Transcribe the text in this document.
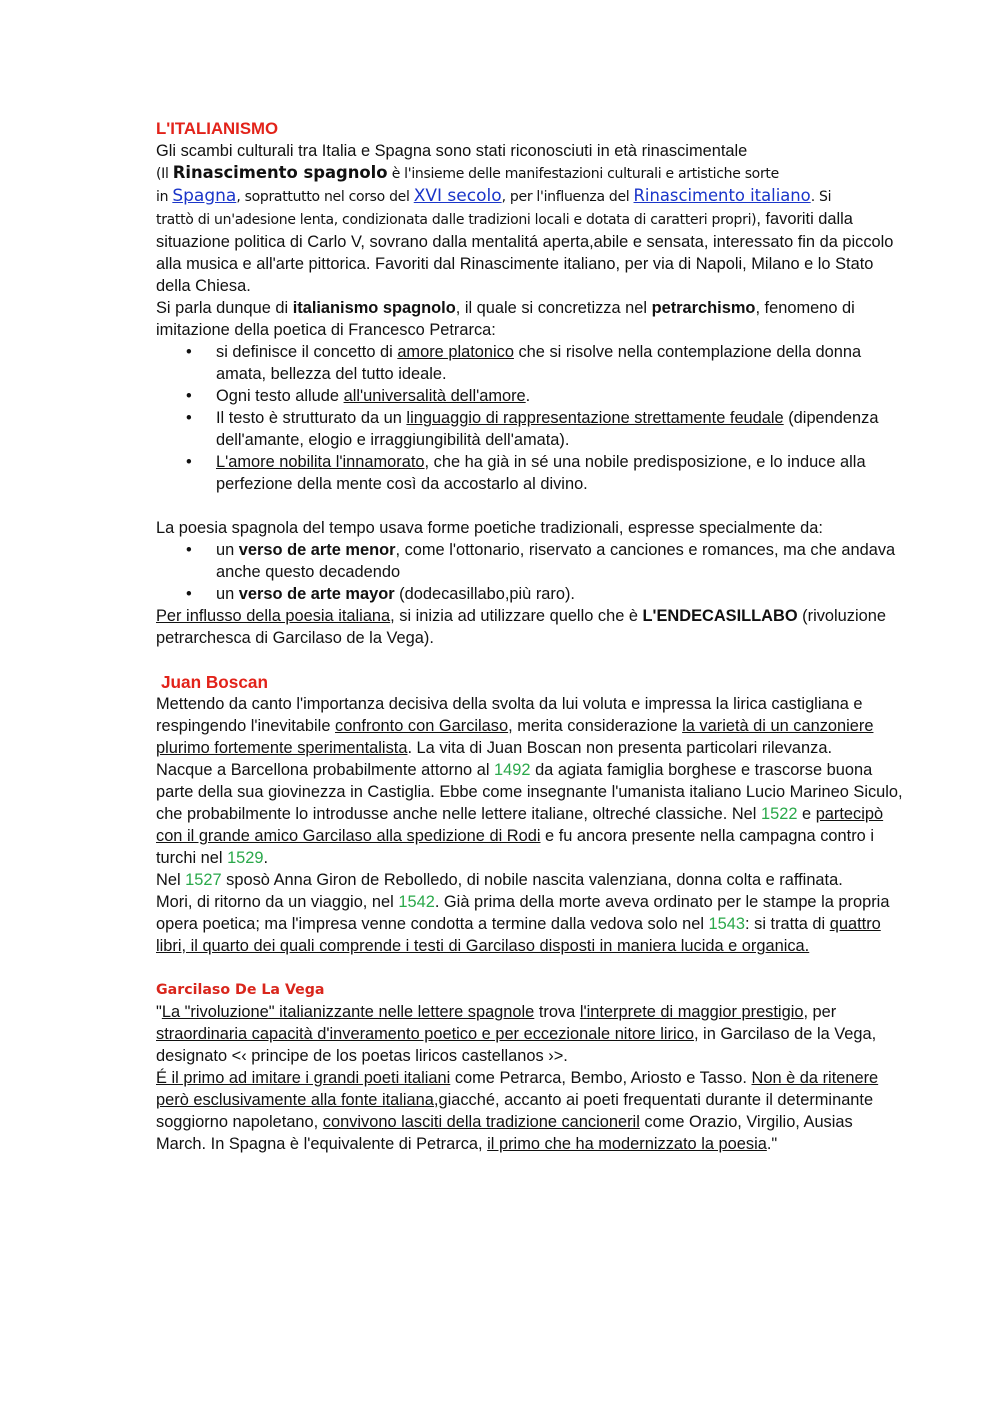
L'ITALIANISMO

Gli scambi culturali tra Italia e Spagna sono stati riconosciuti in età rinascimentale

(Il Rinascimento spagnolo è l'insieme delle manifestazioni culturali e artistiche sorte
in Spagna, soprattutto nel corso del XVI secolo, per l'influenza del Rinascimento italiano. Si
trattò di un'adesione lenta, condizionata dalle tradizioni locali e dotata di caratteri propri), favoriti dalla situazione politica di Carlo V, sovrano dalla mentalitá aperta,abile e sensata, interessato fin da piccolo alla musica e all'arte pittorica. Favoriti dal Rinascimente italiano, per via di Napoli, Milano e lo Stato della Chiesa.

Si parla dunque di italianismo spagnolo, il quale si concretizza nel petrarchismo, fenomeno di imitazione della poetica di Francesco Petrarca:

• si definisce il concetto di amore platonico che si risolve nella contemplazione della donna amata, bellezza del tutto ideale.
• Ogni testo allude all'universalità dell'amore.
• Il testo è strutturato da un linguaggio di rappresentazione strettamente feudale (dipendenza dell'amante, elogio e irraggiungibilità dell'amata).
• L'amore nobilita l'innamorato, che ha già in sé una nobile predisposizione, e lo induce alla perfezione della mente così da accostarlo al divino.

La poesia spagnola del tempo usava forme poetiche tradizionali, espresse specialmente da:

• un verso de arte menor, come l'ottonario, riservato a canciones e romances, ma che andava anche questo decadendo
• un verso de arte mayor (dodecasillabo,più raro).

Per influsso della poesia italiana, si inizia ad utilizzare quello che è L'ENDECASILLABO (rivoluzione petrarchesca di Garcilaso de la Vega).

Juan Boscan

Mettendo da canto l'importanza decisiva della svolta da lui voluta e impressa la lirica castigliana e respingendo l'inevitabile confronto con Garcilaso, merita considerazione la varietà di un canzoniere plurimo fortemente sperimentalista. La vita di Juan Boscan non presenta particolari rilevanza.

Nacque a Barcellona probabilmente attorno al 1492 da agiata famiglia borghese e trascorse buona parte della sua giovinezza in Castiglia. Ebbe come insegnante l'umanista italiano Lucio Marineo Siculo, che probabilmente lo introdusse anche nelle lettere italiane, oltreché classiche. Nel 1522 e partecipò con il grande amico Garcilaso alla spedizione di Rodi e fu ancora presente nella campagna contro i turchi nel 1529.

Nel 1527 sposò Anna Giron de Rebolledo, di nobile nascita valenziana, donna colta e raffinata.

Mori, di ritorno da un viaggio, nel 1542. Già prima della morte aveva ordinato per le stampe la propria opera poetica; ma l'impresa venne condotta a termine dalla vedova solo nel 1543: si tratta di quattro libri, il quarto dei quali comprende i testi di Garcilaso disposti in maniera lucida e organica.

Garcilaso De La Vega

"La "rivoluzione" italianizzante nelle lettere spagnole trova l'interprete di maggior prestigio, per straordinaria capacità d'inveramento poetico e per eccezionale nitore lirico, in Garcilaso de la Vega, designato <‹ principe de los poetas liricos castellanos ›>.
É il primo ad imitare i grandi poeti italiani come Petrarca, Bembo, Ariosto e Tasso. Non è da ritenere però esclusivamente alla fonte italiana,giacché, accanto ai poeti frequentati durante il determinante soggiorno napoletano, convivono lasciti della tradizione cancioneril come Orazio, Virgilio, Ausias March. In Spagna è l'equivalente di Petrarca, il primo che ha modernizzato la poesia."
